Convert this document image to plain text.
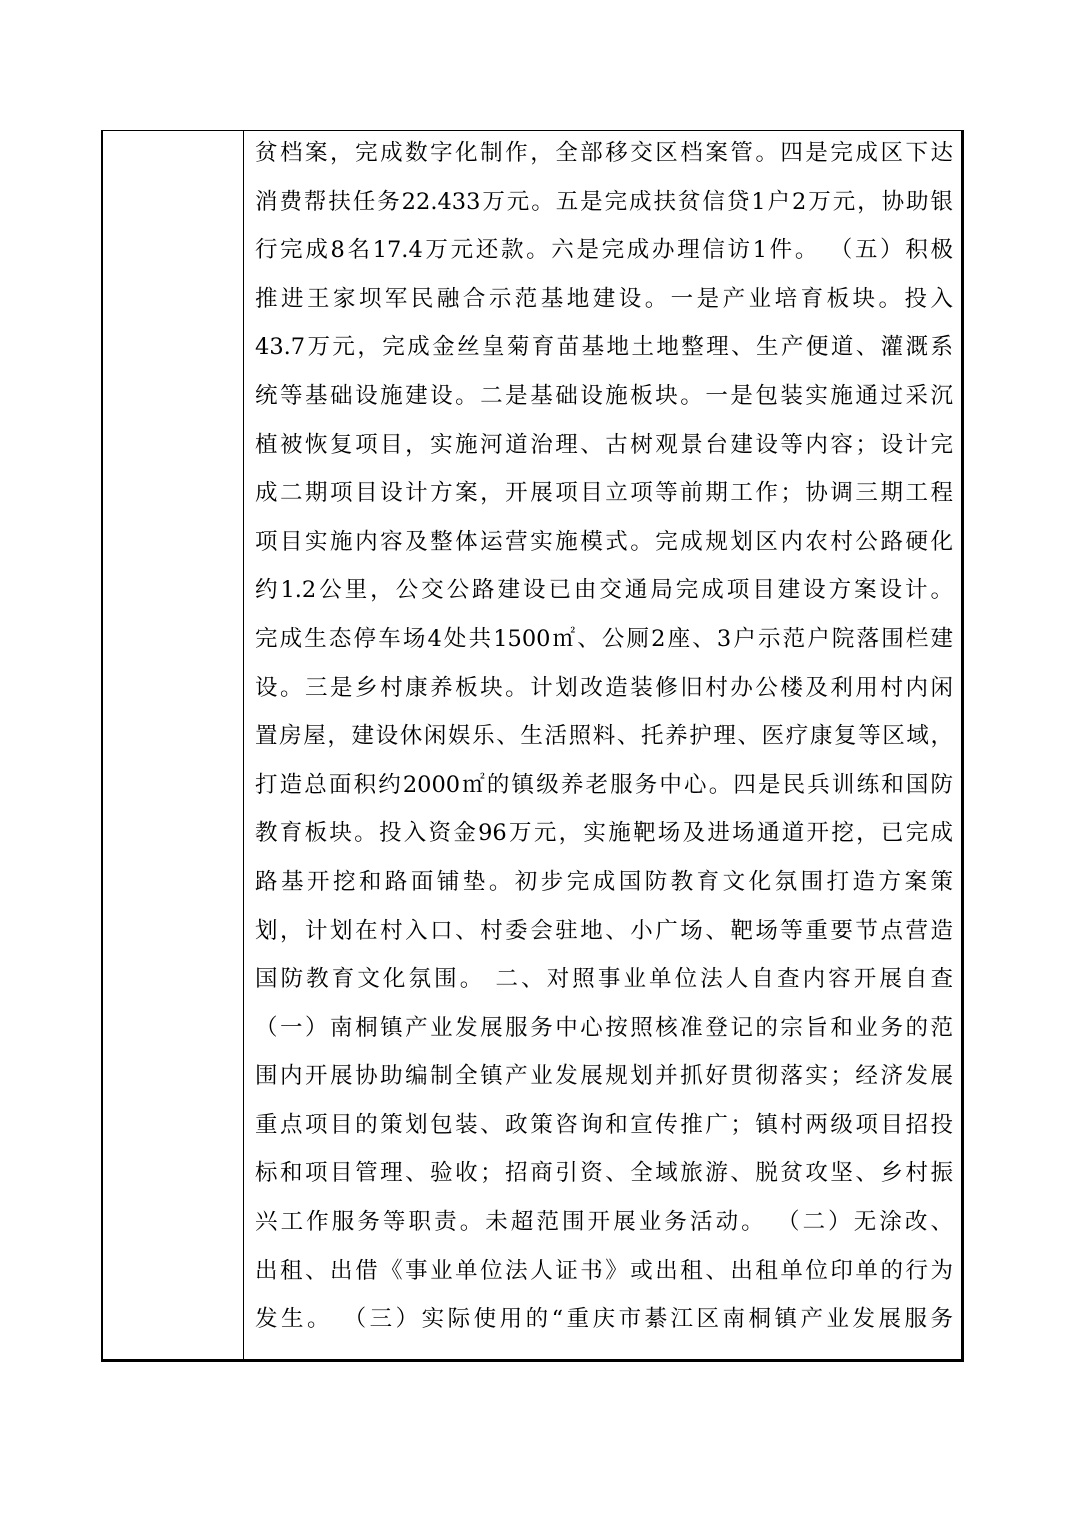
贫档案，完成数字化制作，全部移交区档案管。四是完成区下达
消费帮扶任务22.433万元。五是完成扶贫信贷1户2万元，协助银
行完成8名17.4万元还款。六是完成办理信访1件。 （五）积极
推进王家坝军民融合示范基地建设。一是产业培育板块。投入
43.7万元，完成金丝皇菊育苗基地土地整理、生产便道、灌溉系
统等基础设施建设。二是基础设施板块。一是包装实施通过采沉
植被恢复项目，实施河道治理、古树观景台建设等内容；设计完
成二期项目设计方案，开展项目立项等前期工作；协调三期工程
项目实施内容及整体运营实施模式。完成规划区内农村公路硬化
约1.2公里，公交公路建设已由交通局完成项目建设方案设计。
完成生态停车场4处共1500㎡、公厕2座、3户示范户院落围栏建
设。三是乡村康养板块。计划改造装修旧村办公楼及利用村内闲
置房屋，建设休闲娱乐、生活照料、托养护理、医疗康复等区域，
打造总面积约2000㎡的镇级养老服务中心。四是民兵训练和国防
教育板块。投入资金96万元，实施靶场及进场通道开挖，已完成
路基开挖和路面铺垫。初步完成国防教育文化氛围打造方案策
划，计划在村入口、村委会驻地、小广场、靶场等重要节点营造
国防教育文化氛围。 二、对照事业单位法人自查内容开展自查
（一）南桐镇产业发展服务中心按照核准登记的宗旨和业务的范
围内开展协助编制全镇产业发展规划并抓好贯彻落实；经济发展
重点项目的策划包装、政策咨询和宣传推广；镇村两级项目招投
标和项目管理、验收；招商引资、全域旅游、脱贫攻坚、乡村振
兴工作服务等职责。未超范围开展业务活动。 （二）无涂改、
出租、出借《事业单位法人证书》或出租、出租单位印单的行为
发生。 （三）实际使用的“重庆市綦江区南桐镇产业发展服务
